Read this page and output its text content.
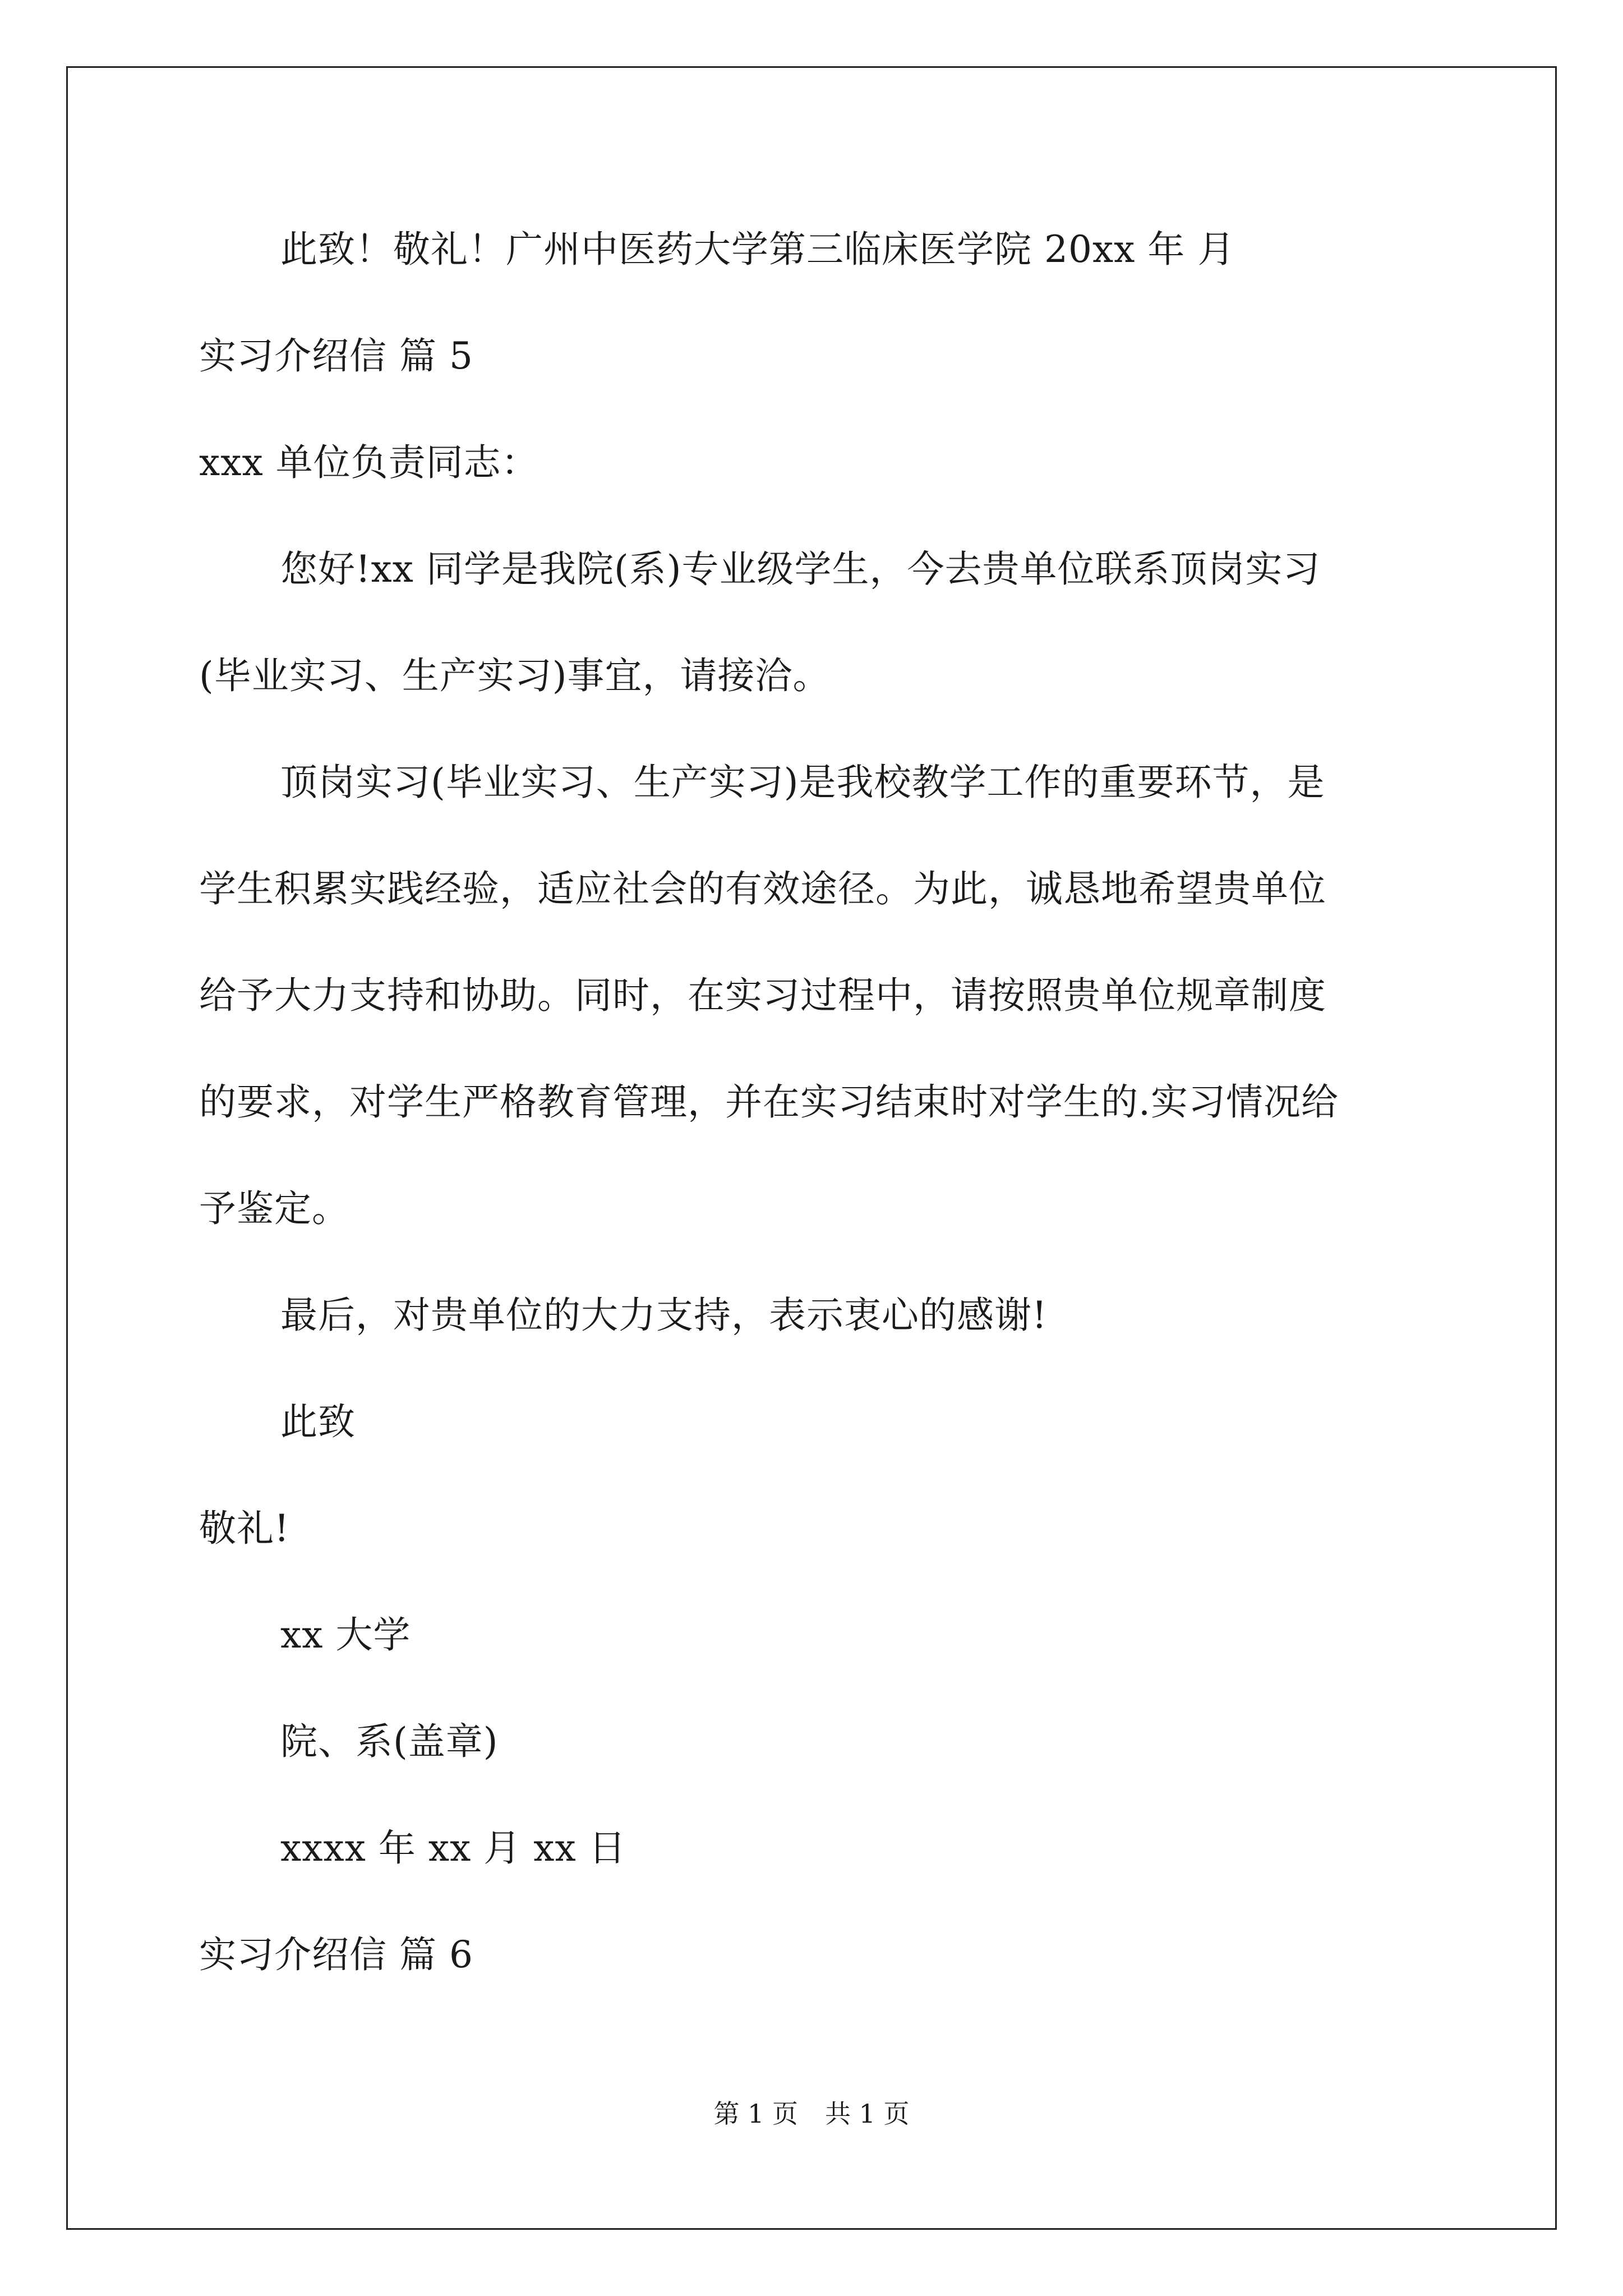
此致！敬礼！广州中医药大学第三临床医学院 20xx 年 月
实习介绍信 篇 5
xxx 单位负责同志：
您好!xx 同学是我院(系)专业级学生，今去贵单位联系顶岗实习
(毕业实习、生产实习)事宜，请接洽。
顶岗实习(毕业实习、生产实习)是我校教学工作的重要环节，是
学生积累实践经验，适应社会的有效途径。为此，诚恳地希望贵单位
给予大力支持和协助。同时，在实习过程中，请按照贵单位规章制度
的要求，对学生严格教育管理，并在实习结束时对学生的.实习情况给
予鉴定。
最后，对贵单位的大力支持，表示衷心的感谢!
此致
敬礼!
xx 大学
院、系(盖章)
xxxx 年 xx 月 xx 日
实习介绍信 篇 6
第 1 页 共 1 页
